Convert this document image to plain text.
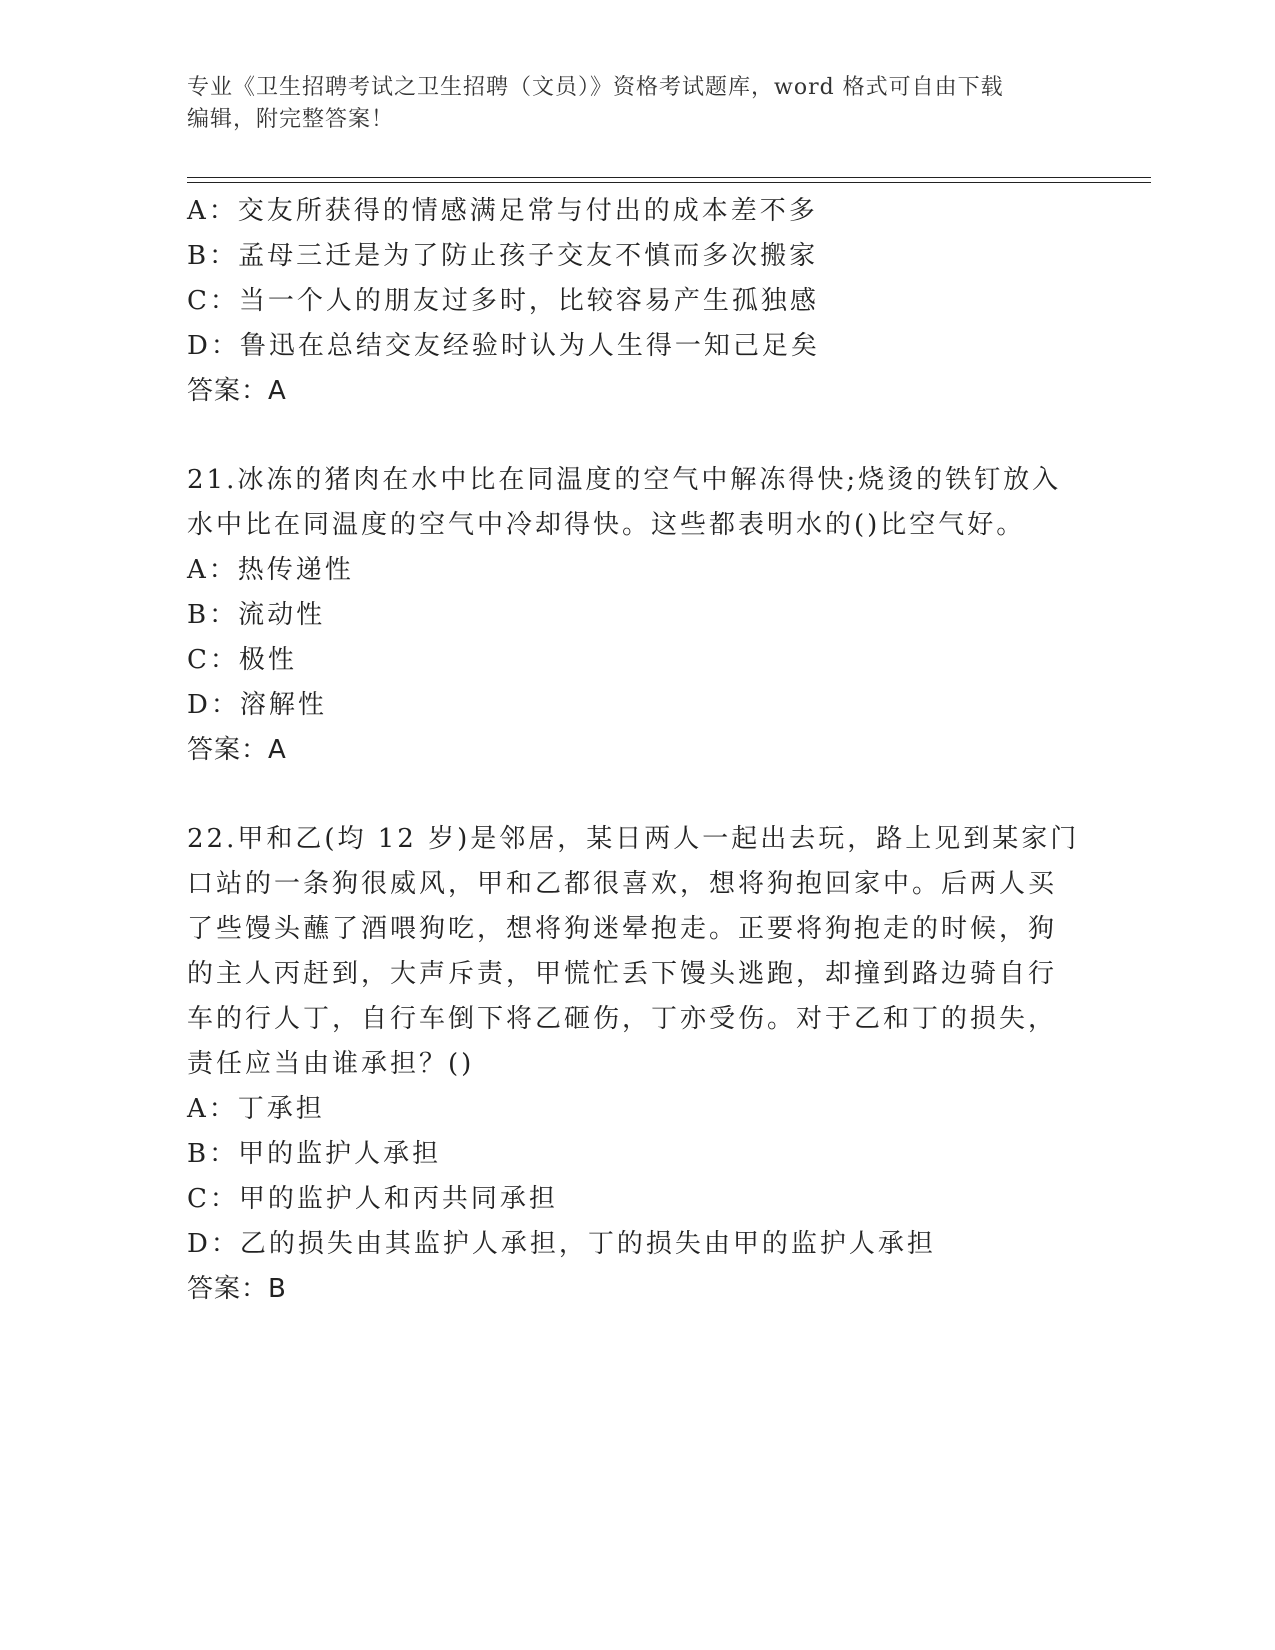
专业《卫生招聘考试之卫生招聘（文员）》资格考试题库，word 格式可自由下载
编辑，附完整答案！
A：交友所获得的情感满足常与付出的成本差不多
B：孟母三迁是为了防止孩子交友不慎而多次搬家
C：当一个人的朋友过多时，比较容易产生孤独感
D：鲁迅在总结交友经验时认为人生得一知己足矣
答案：A
21.冰冻的猪肉在水中比在同温度的空气中解冻得快;烧烫的铁钉放入
水中比在同温度的空气中冷却得快。这些都表明水的()比空气好。
A：热传递性
B：流动性
C：极性
D：溶解性
答案：A
22.甲和乙(均 12 岁)是邻居，某日两人一起出去玩，路上见到某家门
口站的一条狗很威风，甲和乙都很喜欢，想将狗抱回家中。后两人买
了些馒头蘸了酒喂狗吃，想将狗迷晕抱走。正要将狗抱走的时候，狗
的主人丙赶到，大声斥责，甲慌忙丢下馒头逃跑，却撞到路边骑自行
车的行人丁，自行车倒下将乙砸伤，丁亦受伤。对于乙和丁的损失，
责任应当由谁承担？()
A：丁承担
B：甲的监护人承担
C：甲的监护人和丙共同承担
D：乙的损失由其监护人承担，丁的损失由甲的监护人承担
答案：B
